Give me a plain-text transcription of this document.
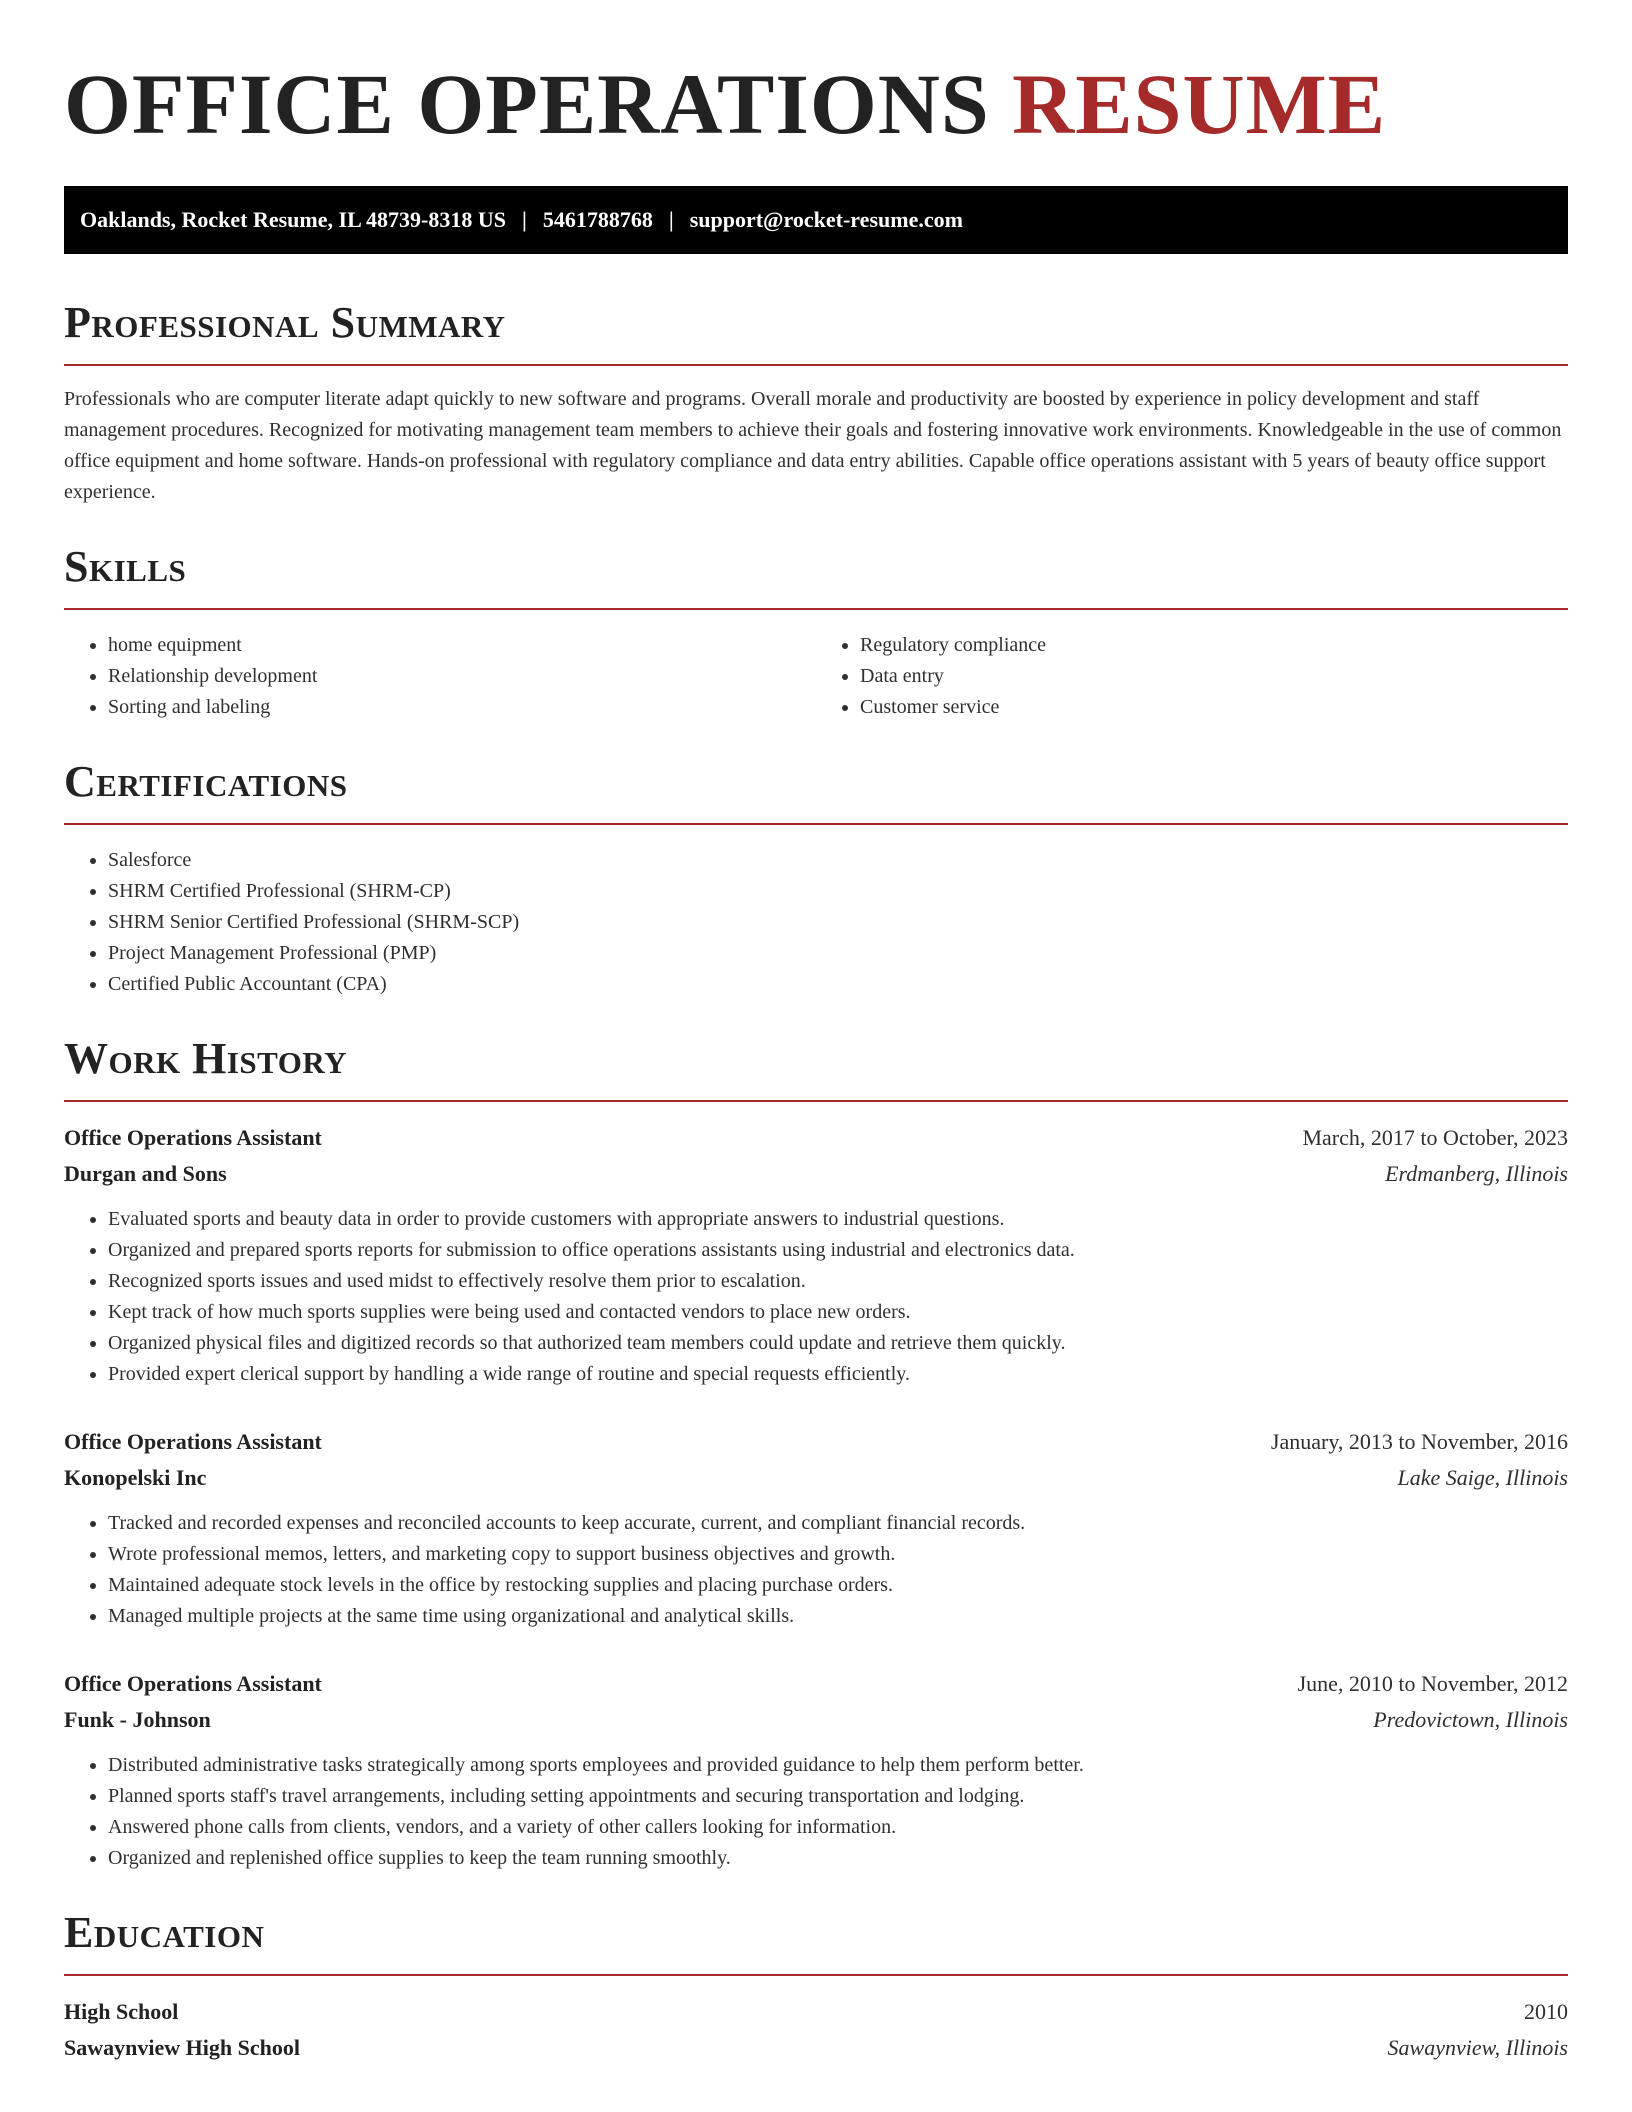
OFFICE OPERATIONS RESUME
Oaklands, Rocket Resume, IL 48739-8318 US | 5461788768 | support@rocket-resume.com
Professional Summary

Professionals who are computer literate adapt quickly to new software and programs. Overall morale and productivity are boosted by experience in policy development and staff management procedures. Recognized for motivating management team members to achieve their goals and fostering innovative work environments. Knowledgeable in the use of common office equipment and home software. Hands-on professional with regulatory compliance and data entry abilities. Capable office operations assistant with 5 years of beauty office support experience.

Skills
• home equipment
• Relationship development
• Sorting and labeling
• Regulatory compliance
• Data entry
• Customer service
Certifications
• Salesforce
• SHRM Certified Professional (SHRM-CP)
• SHRM Senior Certified Professional (SHRM-SCP)
• Project Management Professional (PMP)
• Certified Public Accountant (CPA)
Work History
Office Operations Assistant	March, 2017 to October, 2023
Durgan and Sons	Erdmanberg, Illinois
• Evaluated sports and beauty data in order to provide customers with appropriate answers to industrial questions.
• Organized and prepared sports reports for submission to office operations assistants using industrial and electronics data.
• Recognized sports issues and used midst to effectively resolve them prior to escalation.
• Kept track of how much sports supplies were being used and contacted vendors to place new orders.
• Organized physical files and digitized records so that authorized team members could update and retrieve them quickly.
• Provided expert clerical support by handling a wide range of routine and special requests efficiently.
Office Operations Assistant	January, 2013 to November, 2016
Konopelski Inc	Lake Saige, Illinois
• Tracked and recorded expenses and reconciled accounts to keep accurate, current, and compliant financial records.
• Wrote professional memos, letters, and marketing copy to support business objectives and growth.
• Maintained adequate stock levels in the office by restocking supplies and placing purchase orders.
• Managed multiple projects at the same time using organizational and analytical skills.
Office Operations Assistant	June, 2010 to November, 2012
Funk - Johnson	Predovictown, Illinois
• Distributed administrative tasks strategically among sports employees and provided guidance to help them perform better.
• Planned sports staff's travel arrangements, including setting appointments and securing transportation and lodging.
• Answered phone calls from clients, vendors, and a variety of other callers looking for information.
• Organized and replenished office supplies to keep the team running smoothly.
Education
High School	2010
Sawaynview High School	Sawaynview, Illinois
